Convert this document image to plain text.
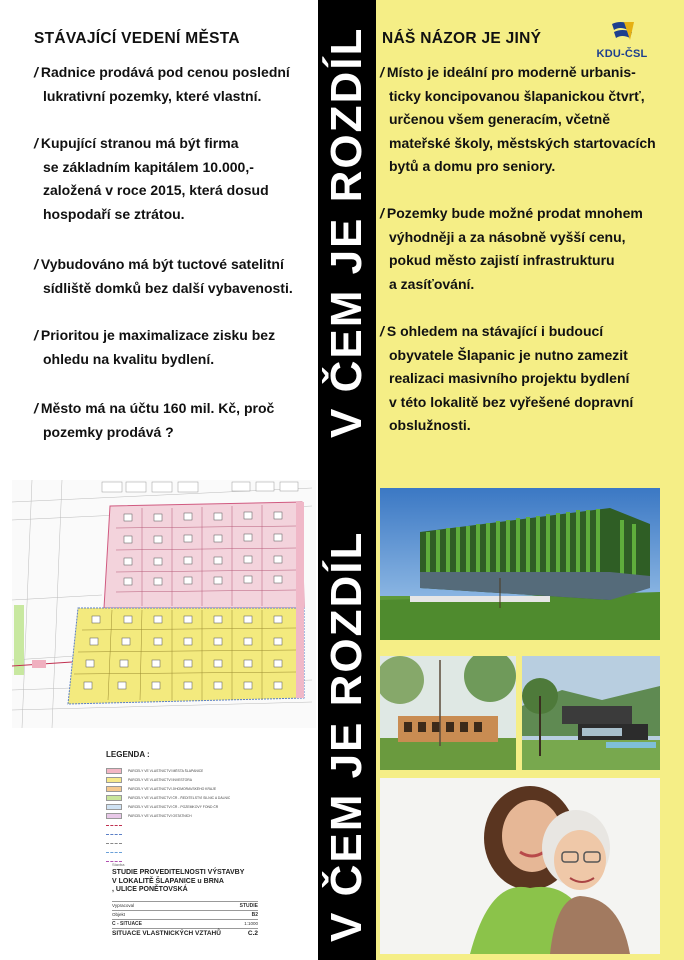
STÁVAJÍCÍ VEDENÍ MĚSTA
/ Radnice prodává pod cenou poslední
lukrativní pozemky, které vlastní.
/ Kupující stranou má být firma
se základním kapitálem 10.000,-
založená v roce 2015, která dosud
hospodaří se ztrátou.
/ Vybudováno má být tuctové satelitní
sídliště domků bez další vybavenosti.
/ Prioritou je maximalizace zisku bez
ohledu na kvalitu bydlení.
/ Město má na účtu 160 mil. Kč, proč
pozemky prodává ?
LEGENDA :
PARCELY VE VLASTNICTVÍ MĚSTA ŠLAPANICE
PARCELY VE VLASTNICTVÍ INVESTORA
PARCELY VE VLASTNICTVÍ JIHOMORAVSKÉHO KRAJE
PARCELY VE VLASTNICTVÍ ČR - ŘEDITELSTVÍ SILNIC A DÁLNIC
PARCELY VE VLASTNICTVÍ ČR - POZEMKOVÝ FOND ČR
PARCELY VE VLASTNICTVÍ OSTATNÍCH
Stavba
STUDIE PROVEDITELNOSTI VÝSTAVBY
V LOKALITĚ ŠLAPANICE u BRNA
, ULICE PONĚTOVSKÁ
Vypracoval	STUDIE
Objekt	B2
C - SITUACE	1:1000
SITUACE VLASTNICKÝCH VZTAHŮ	C.2 V ČEM JE ROZDÍL
V ČEM JE ROZDÍL NÁŠ NÁZOR JE JINÝ
KDU-ČSL
/ Místo je ideální pro moderně urbanis-
ticky koncipovanou šlapanickou čtvrť,
určenou všem generacím, včetně
mateřské školy, městských startovacích
bytů a domu pro seniory.
/ Pozemky bude možné prodat mnohem
výhodněji a za násobně vyšší cenu,
pokud město zajistí infrastrukturu
a zasíťování.
/ S ohledem na stávající i budoucí
obyvatele Šlapanic je nutno zamezit
realizaci masivního projektu bydlení
v této lokalitě bez vyřešené dopravní
obslužnosti.
